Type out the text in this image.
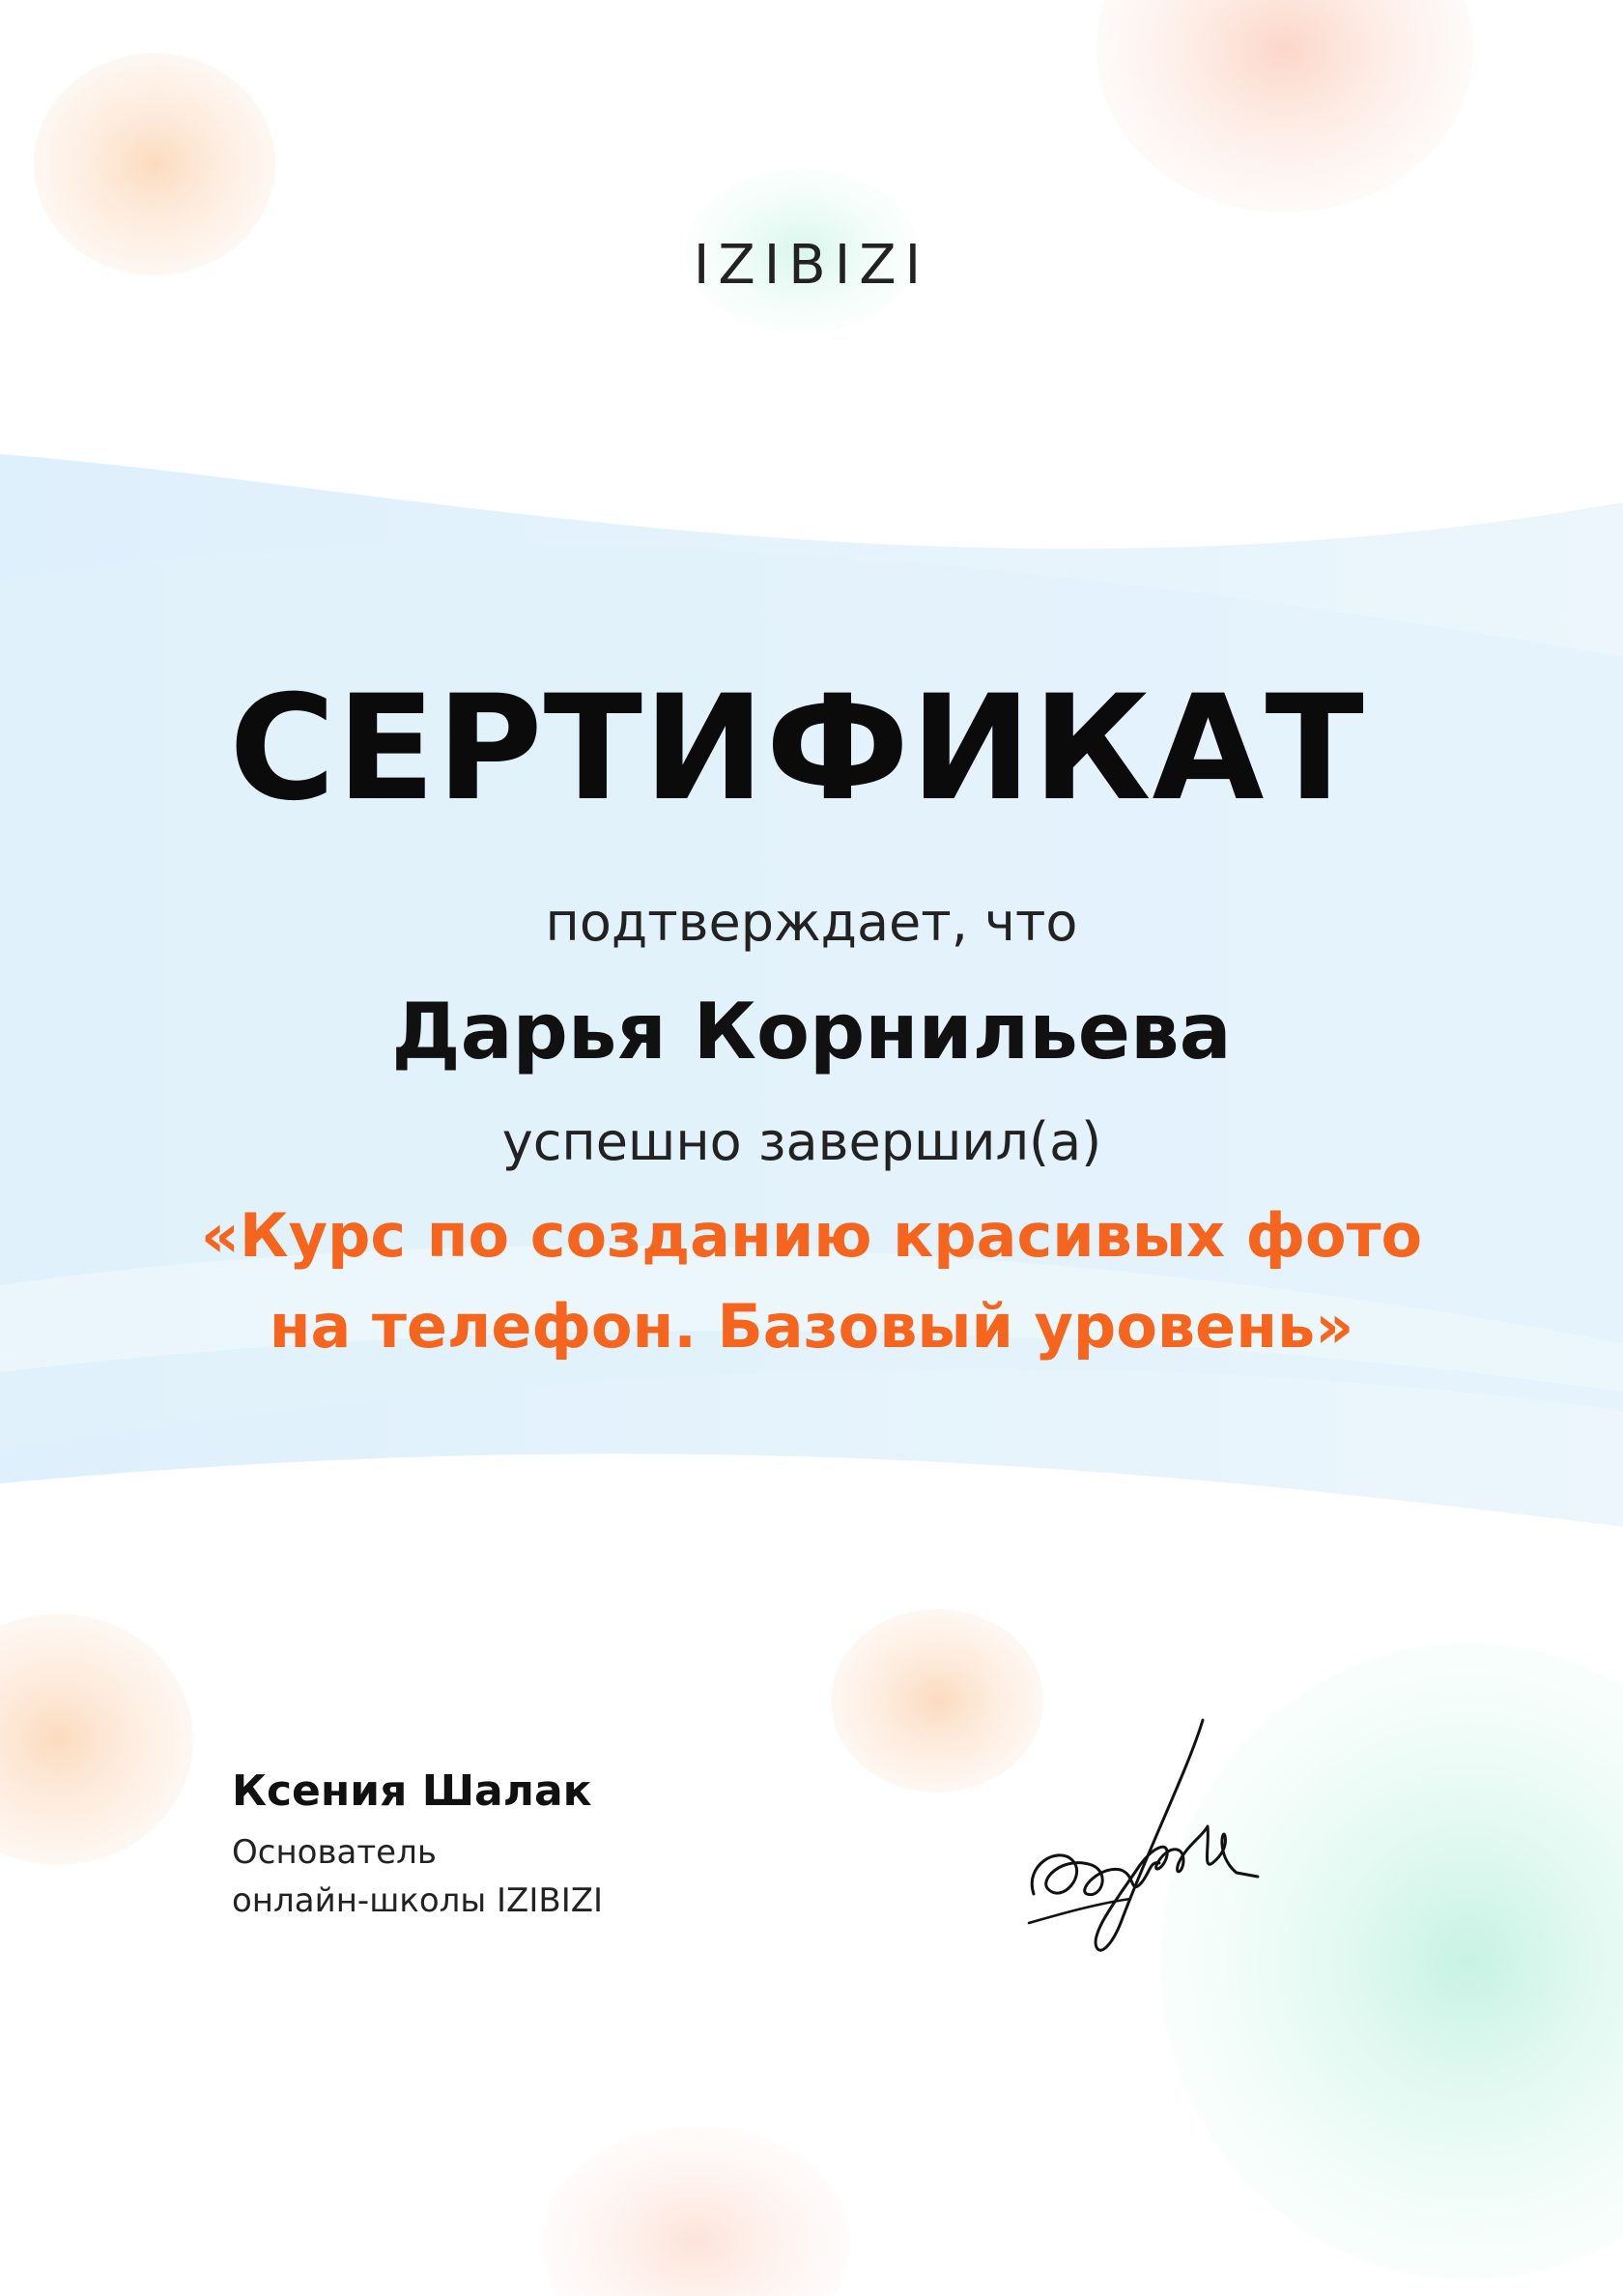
IZIBIZI
СЕРТИФИКАТ
подтверждает, что
Дарья Корнильева
успешно завершил(а)
«Курс по созданию красивых фото
на телефон. Базовый уровень»
Ксения Шалак
Основатель
онлайн-школы IZIBIZI
